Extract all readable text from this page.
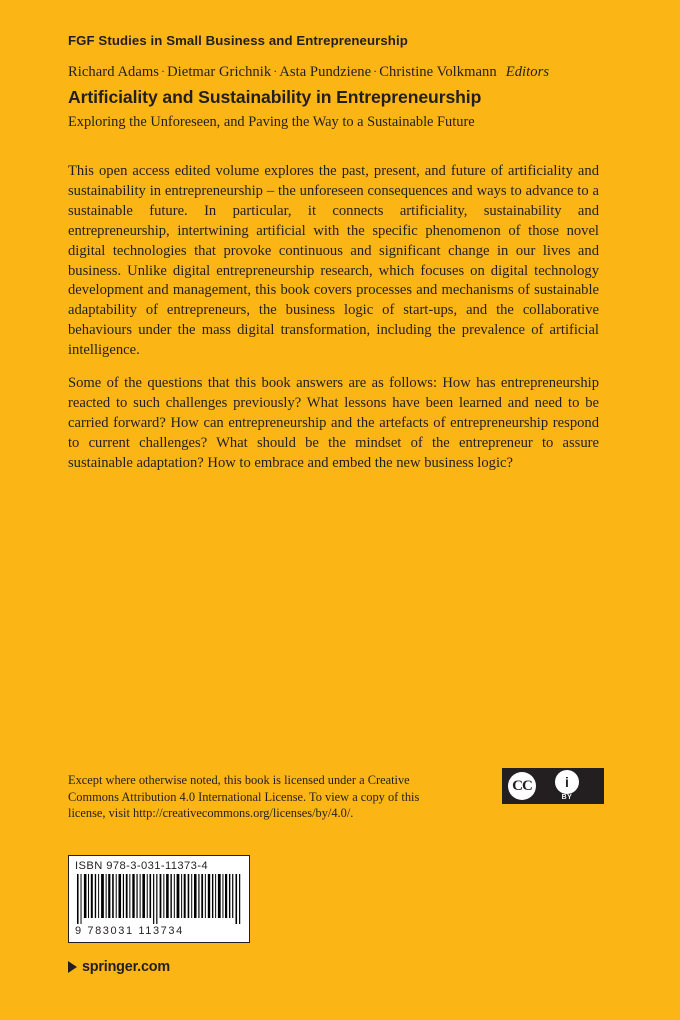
FGF Studies in Small Business and Entrepreneurship
Richard Adams · Dietmar Grichnik · Asta Pundziene · Christine Volkmann Editors
Artificiality and Sustainability in Entrepreneurship
Exploring the Unforeseen, and Paving the Way to a Sustainable Future

This open access edited volume explores the past, present, and future of artificiality and sustainability in entrepreneurship – the unforeseen consequences and ways to advance to a sustainable future. In particular, it connects artificiality, sustainability and entrepreneurship, intertwining artificial with the specific phenomenon of those novel digital technologies that provoke continuous and significant change in our lives and business. Unlike digital entrepreneurship research, which focuses on digital technology development and management, this book covers processes and mechanisms of sustainable adaptability of entrepreneurs, the business logic of start-ups, and the collaborative behaviours under the mass digital transformation, including the prevalence of artificial intelligence.

Some of the questions that this book answers are as follows: How has entrepreneurship reacted to such challenges previously? What lessons have been learned and need to be carried forward? How can entrepreneurship and the artefacts of entrepreneurship respond to current challenges? What should be the mindset of the entrepreneur to assure sustainable adaptation? How to embrace and embed the new business logic?

Except where otherwise noted, this book is licensed under a Creative Commons Attribution 4.0 International License. To view a copy of this license, visit http://creativecommons.org/licenses/by/4.0/.
CC	i
BY
ISBN 978-3-031-11373-4
9 783031 113734
springer.com
